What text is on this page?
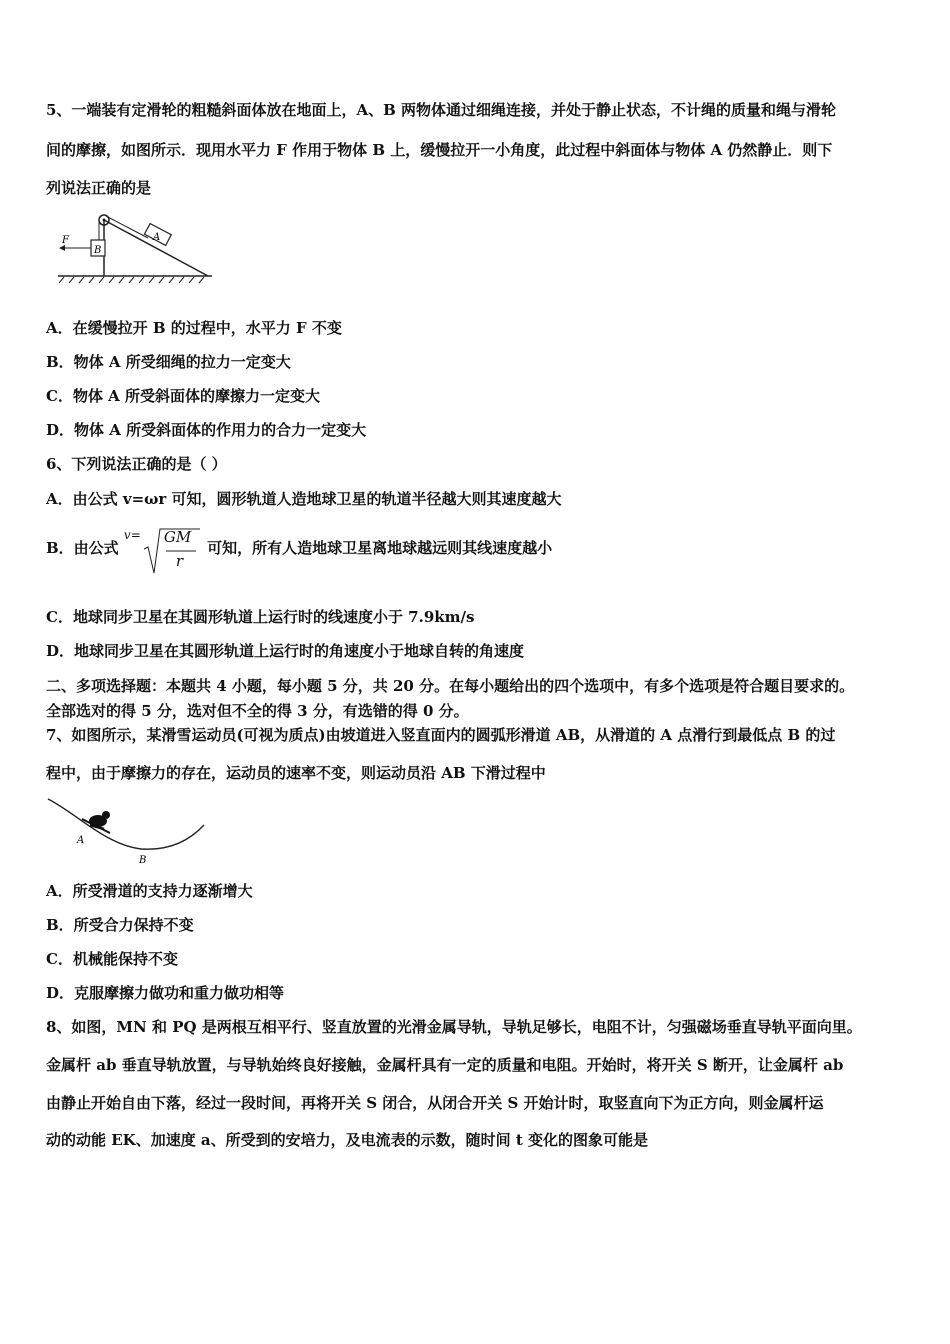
5、一端装有定滑轮的粗糙斜面体放在地面上，A、B 两物体通过细绳连接，并处于静止状态，不计绳的质量和绳与滑轮
间的摩擦，如图所示．现用水平力 F 作用于物体 B 上，缓慢拉开一小角度，此过程中斜面体与物体 A 仍然静止．则下
列说法正确的是
A
B
F
A．在缓慢拉开 B 的过程中，水平力 F 不变
B．物体 A 所受细绳的拉力一定变大
C．物体 A 所受斜面体的摩擦力一定变大
D．物体 A 所受斜面体的作用力的合力一定变大
6、下列说法正确的是（ ）
A．由公式 v=ωr 可知，圆形轨道人造地球卫星的轨道半径越大则其速度越大
B．由公式
v= GM
r
可知，所有人造地球卫星离地球越远则其线速度越小
C．地球同步卫星在其圆形轨道上运行时的线速度小于 7.9km/s
D．地球同步卫星在其圆形轨道上运行时的角速度小于地球自转的角速度
二、多项选择题：本题共 4 小题，每小题 5 分，共 20 分。在每小题给出的四个选项中，有多个选项是符合题目要求的。
全部选对的得 5 分，选对但不全的得 3 分，有选错的得 0 分。
7、如图所示，某滑雪运动员(可视为质点)由坡道进入竖直面内的圆弧形滑道 AB，从滑道的 A 点滑行到最低点 B 的过
程中，由于摩擦力的存在，运动员的速率不变，则运动员沿 AB 下滑过程中
A
B
A．所受滑道的支持力逐渐增大
B．所受合力保持不变
C．机械能保持不变
D．克服摩擦力做功和重力做功相等
8、如图，MN 和 PQ 是两根互相平行、竖直放置的光滑金属导轨，导轨足够长，电阻不计，匀强磁场垂直导轨平面向里。
金属杆 ab 垂直导轨放置，与导轨始终良好接触，金属杆具有一定的质量和电阻。开始时，将开关 S 断开，让金属杆 ab
由静止开始自由下落，经过一段时间，再将开关 S 闭合，从闭合开关 S 开始计时，取竖直向下为正方向，则金属杆运
动的动能 EK、加速度 a、所受到的安培力，及电流表的示数，随时间 t 变化的图象可能是
